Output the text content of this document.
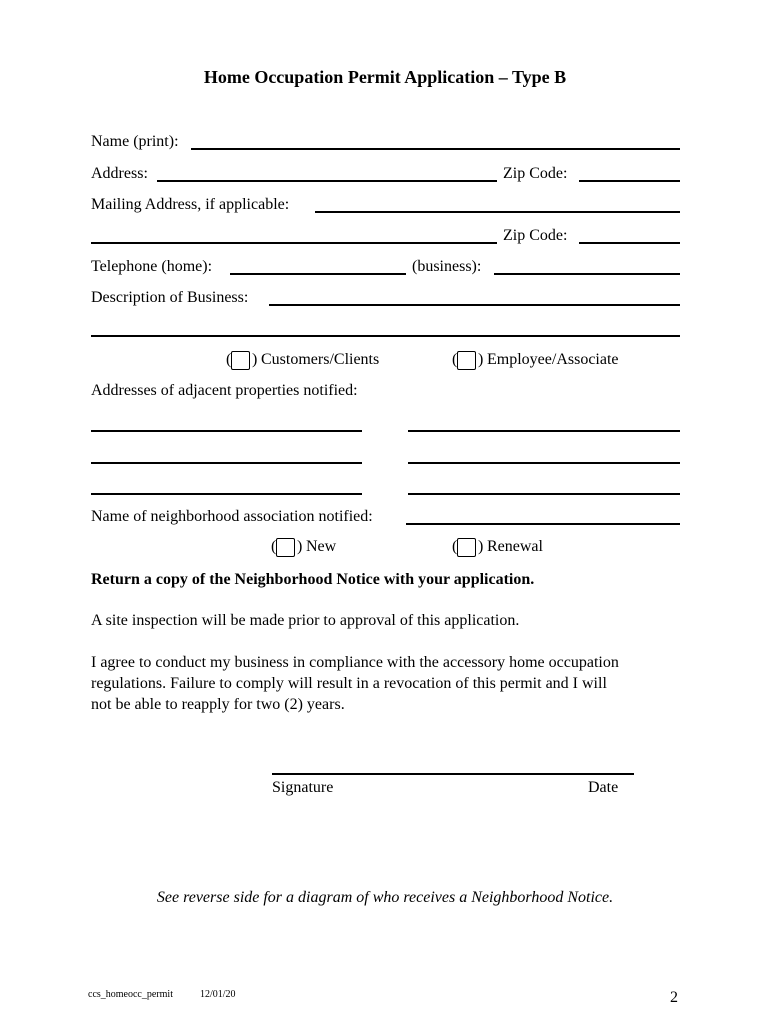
Home Occupation Permit Application – Type B
Name (print):
Address:	Zip Code:
Mailing Address, if applicable:
Zip Code:
Telephone (home):	(business):
Description of Business:
( ) Customers/Clients	( ) Employee/Associate
Addresses of adjacent properties notified:
Name of neighborhood association notified:
( ) New	( ) Renewal
Return a copy of the Neighborhood Notice with your application.
A site inspection will be made prior to approval of this application.
I agree to conduct my business in compliance with the accessory home occupation
regulations. Failure to comply will result in a revocation of this permit and I will
not be able to reapply for two (2) years.
Signature	Date
See reverse side for a diagram of who receives a Neighborhood Notice.
ccs_homeocc_permit	12/01/20	2
